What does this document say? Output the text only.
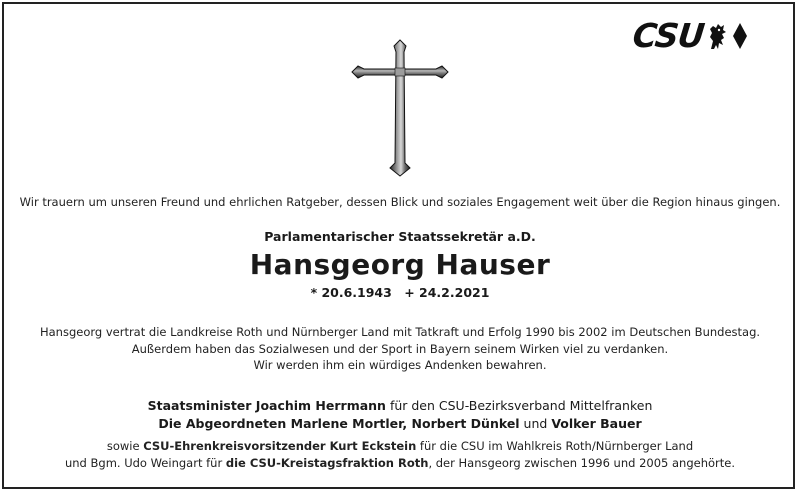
CSU
Wir trauern um unseren Freund und ehrlichen Ratgeber, dessen Blick und soziales Engagement weit über die Region hinaus gingen.
Parlamentarischer Staatssekretär a.D.
Hansgeorg Hauser
* 20.6.1943 + 24.2.2021
Hansgeorg vertrat die Landkreise Roth und Nürnberger Land mit Tatkraft und Erfolg 1990 bis 2002 im Deutschen Bundestag.
Außerdem haben das Sozialwesen und der Sport in Bayern seinem Wirken viel zu verdanken.
Wir werden ihm ein würdiges Andenken bewahren.
Staatsminister Joachim Herrmann für den CSU-Bezirksverband Mittelfranken
Die Abgeordneten Marlene Mortler, Norbert Dünkel und Volker Bauer
sowie CSU-Ehrenkreisvorsitzender Kurt Eckstein für die CSU im Wahlkreis Roth/Nürnberger Land
und Bgm. Udo Weingart für die CSU-Kreistagsfraktion Roth, der Hansgeorg zwischen 1996 und 2005 angehörte.
